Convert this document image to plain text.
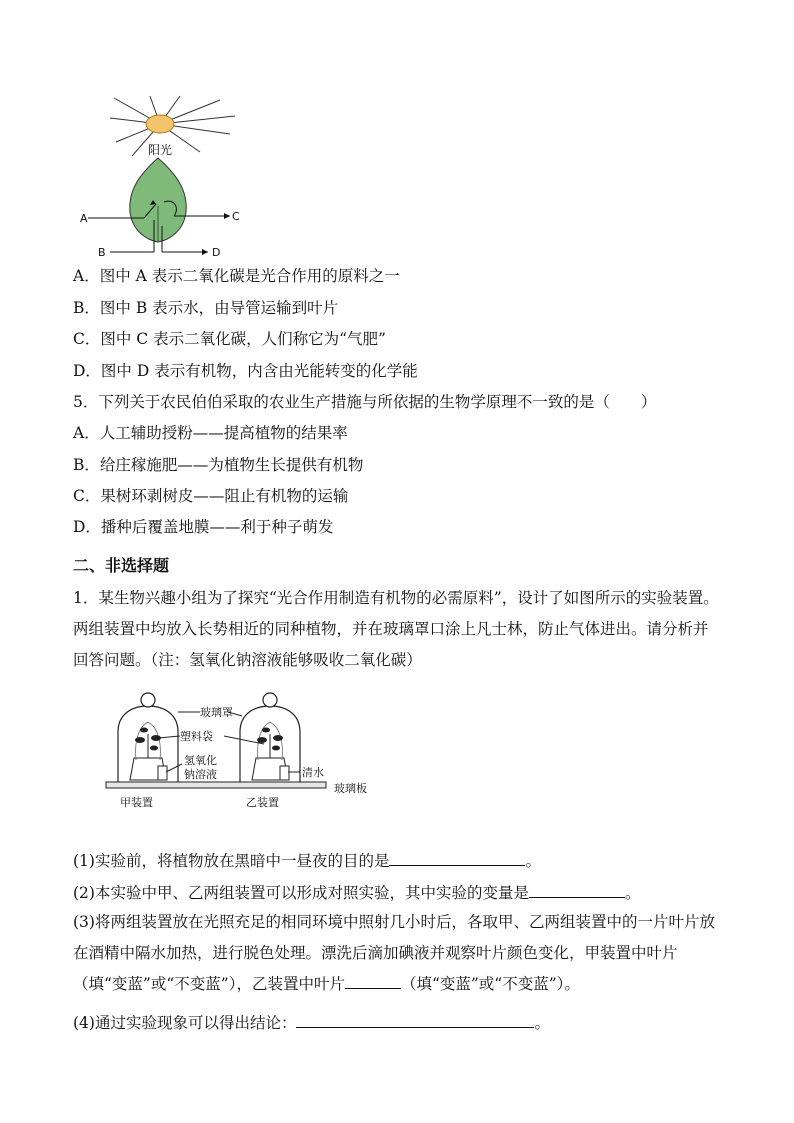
阳光
A	C
B	D
A．图中 A 表示二氧化碳是光合作用的原料之一
B．图中 B 表示水，由导管运输到叶片
C．图中 C 表示二氧化碳，人们称它为“气肥”
D．图中 D 表示有机物，内含由光能转变的化学能
5．下列关于农民伯伯采取的农业生产措施与所依据的生物学原理不一致的是（　　）
A．人工辅助授粉——提高植物的结果率
B．给庄稼施肥——为植物生长提供有机物
C．果树环剥树皮——阻止有机物的运输
D．播种后覆盖地膜——利于种子萌发
二、非选择题
1．某生物兴趣小组为了探究“光合作用制造有机物的必需原料”，设计了如图所示的实验装置。两组装置中均放入长势相近的同种植物，并在玻璃罩口涂上凡士林，防止气体进出。请分析并回答问题。（注：氢氧化钠溶液能够吸收二氧化碳）
玻璃罩
塑料袋
氢氧化
钠溶液	清水
玻璃板
甲装置	乙装置
(1)实验前，将植物放在黑暗中一昼夜的目的是	。
(2)本实验中甲、乙两组装置可以形成对照实验，其中实验的变量是	。
(3)将两组装置放在光照充足的相同环境中照射几小时后，各取甲、乙两组装置中的一片叶片放在酒精中隔水加热，进行脱色处理。漂洗后滴加碘液并观察叶片颜色变化，甲装置中叶片（填“变蓝”或“不变蓝”），乙装置中叶片	（填“变蓝”或“不变蓝”）。
(4)通过实验现象可以得出结论：	。
